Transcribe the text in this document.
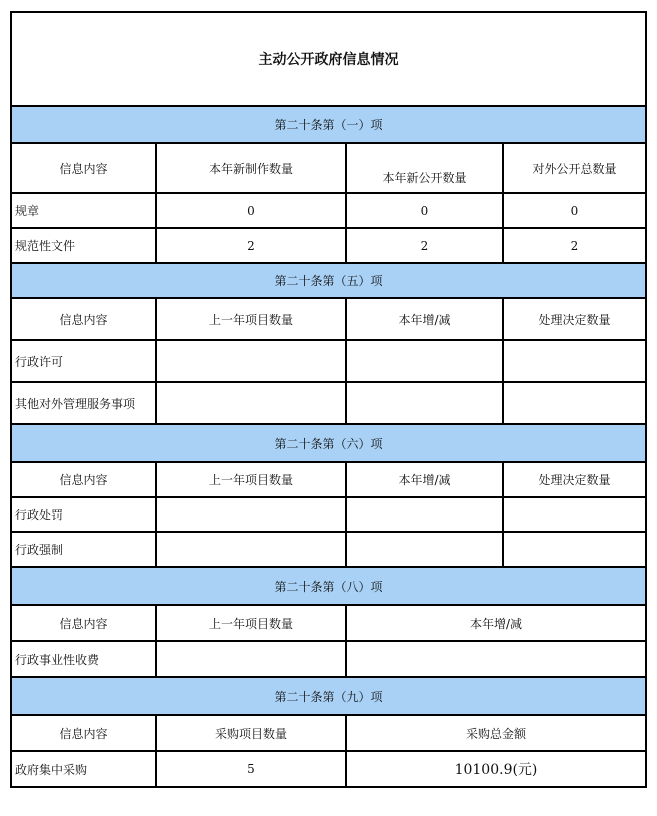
主动公开政府信息情况			
第二十条第（一）项			
信息内容	本年新制作数量	本年新公开数量	对外公开总数量
规章	0	0	0
规范性文件	2	2	2
第二十条第（五）项			
信息内容	上一年项目数量	本年增/减	处理决定数量
行政许可			
其他对外管理服务事项			
第二十条第（六）项			
信息内容	上一年项目数量	本年增/减	处理决定数量
行政处罚			
行政强制			
第二十条第（八）项			
信息内容	上一年项目数量	本年增/减	
行政事业性收费			
第二十条第（九）项			
信息内容	采购项目数量	采购总金额	
政府集中采购	5	10100.9(元)	
